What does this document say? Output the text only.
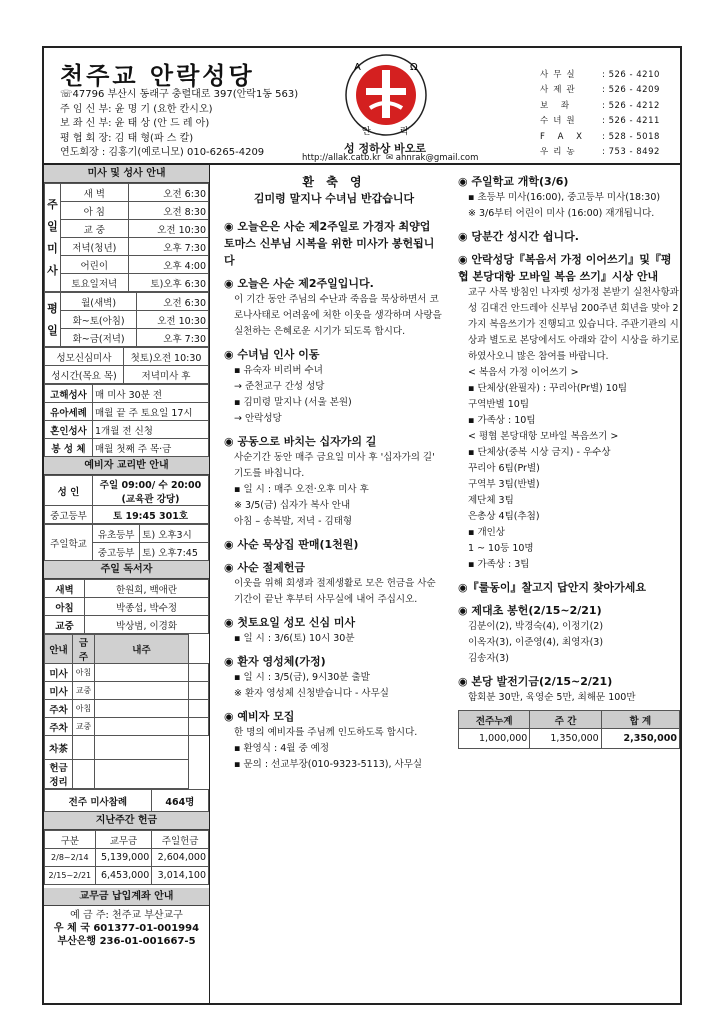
천주교 안락성당
☏47796 부산시 동래구 충렬대로 397(안락1동 563)
주 임 신 부: 윤 명 기 (요한 칸시오)
보 좌 신 부: 윤 태 상 (안 드 레 아)
평 협 회 장: 김 태 형(파 스 칼)
연도회장 : 김홍기(예로니모) 010-6265-4209
A	Ω
안	락
성 정하상 바오로
http://allak.catb.kr  ✉ ahnrak@gmail.com
사무실	: 526 - 4210
사제관	: 526 - 4209
보 좌	: 526 - 4212
수녀원	: 526 - 4211
F A X : 528 - 5018
우리농	: 753 - 8492
미사 및 성사 안내
주일미사	새 벽	오전 6:30
	아 침	오전 8:30
	교 중	오전 10:30
	저녁(청년)	오후 7:30
	어린이	오후 4:00
	토요일저녁	토)오후 6:30
평일	월(새벽)	오전 6:30
	화~토(아침)	오전 10:30
	화~금(저녁)	오후 7:30
성모신심미사	첫토)오전 10:30
성시간(목요 목)	저녁미사 후
고해성사	매 미사 30분 전
유아세례	매월 끝 주 토요일 17시
혼인성사	1개월 전 신청
봉 성 체	매월 첫째 주 목·금
예비자 교리반 안내
성 인	주일 09:00/ 수 20:00 (교육관 강당)
중고등부	토 19:45 301호
주일학교	유초등부	토) 오후3시
	중고등부	토) 오후7:45
주일 독서자
새벽	한원희, 백애란
아침	박종섭, 박수정
교중	박상범, 이경화
안내	금주	내주	
미사	아침		
미사	교중		
주차	아침		
주차	교중		
차茶			
헌금정리			
전주 미사참례	464명
지난주간 헌금
구분	교무금	주일헌금
2/8~2/14	5,139,000	2,604,000
2/15~2/21	6,453,000	3,014,100
교무금 납입계좌 안내
예 금 주: 천주교 부산교구
우 체 국 601377-01-001994
부산은행 236-01-001667-5
환 축 영
김미령 말지나 수녀님 반갑습니다
◉ 오늘은은 사순 제2주일로 가경자 최양업 토마스 신부님 시복을 위한 미사가 봉헌됩니다
◉ 오늘은 사순 제2주일입니다.
이 기간 동안 주님의 수난과 죽음을 묵상하면서 코로나사태로 어려움에 처한 이웃을 생각하며 사랑을 실천하는 은혜로운 시기가 되도록 합시다.
◉ 수녀님 인사 이동
▪ 유숙자 비리버 수녀
→ 준천교구 간성 성당
▪ 김미령 말지나 (서울 본원)
→ 안락성당
◉ 공동으로 바치는 십자가의 길
사순기간 동안 매주 금요일 미사 후 '십자가의 길' 기도를 바칩니다.
▪ 일 시 : 매주 오전·오후 미사 후
※ 3/5(금) 십자가 복사 안내
아침 – 송복발, 저녁 - 김태형
◉ 사순 묵상집 판매(1천원)
◉ 사순 절제헌금
이웃을 위해 회생과 절제생활로 모은 헌금을 사순기간이 끝난 후부터 사무실에 내어 주십시오.
◉ 첫토요일 성모 신심 미사
▪ 일 시 : 3/6(토) 10시 30분
◉ 환자 영성체(가정)
▪ 일 시 : 3/5(금), 9시30분 출발
※ 환자 영성체 신청받습니다 - 사무실
◉ 예비자 모집
한 명의 예비자를 주님께 인도하도록 합시다.
▪ 환영식 : 4월 중 예정
▪ 문의 : 선교부장(010-9323-5113), 사무실
◉ 주일학교 개학(3/6)
▪ 초등부 미사(16:00), 중고등부 미사(18:30)
※ 3/6부터 어린이 미사 (16:00) 재개됩니다.
◉ 당분간 성시간 쉽니다.
◉ 안락성당『복음서 가정 이어쓰기』및『평협 본당대항 모바일 복음 쓰기』시상 안내
교구 사목 방침인 나자렛 성가정 본받기 실천사항과 성 김대건 안드레아 신부님 200주년 회년을 맞아 2가지 복음쓰기가 진행되고 있습니다. 주관기관의 시상과 별도로 본당에서도 아래와 같이 시상을 하기로 하였사오니 많은 참여를 바랍니다.
< 복음서 가정 이어쓰기 >
▪ 단체상(완필자) : 꾸리아(Pr별) 10팀
구역반별 10팀
▪ 가족상 : 10팀
< 평협 본당대항 모바일 복음쓰기 >
▪ 단체상(중복 시상 금지) - 우수상
꾸리아 6팀(Pr별)
구역부 3팀(반별)
제단체 3팀
은총상 4팀(추첨)
▪ 개인상
1 ~ 10등 10명
▪ 가족상 : 3팀
◉『룰동이』찰고지 답안지 찾아가세요
◉ 제대초 봉헌(2/15~2/21)
김분이(2), 박경숙(4), 이정기(2)
이옥자(3), 이준영(4), 최영자(3)
김송자(3)
◉ 본당 발전기금(2/15~2/21)
함회분 30만, 육영순 5만, 최해문 100만
전주누계	주 간	합 계
1,000,000	1,350,000	2,350,000
